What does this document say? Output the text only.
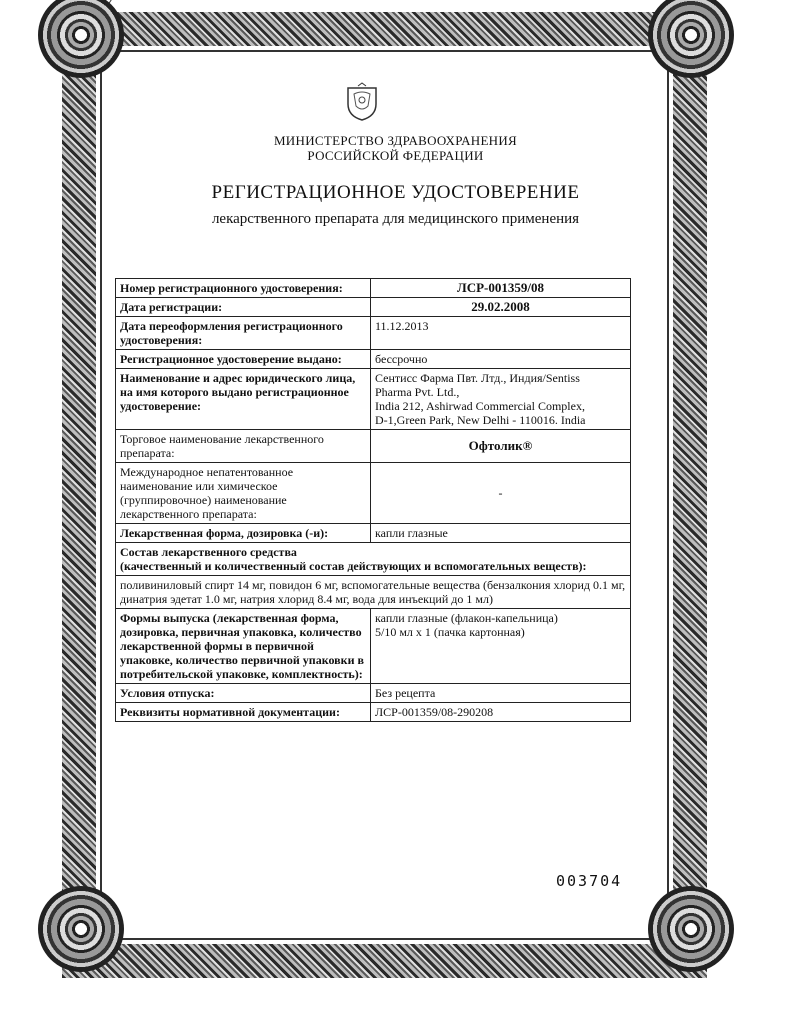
МИНИСТЕРСТВО ЗДРАВООХРАНЕНИЯ
РОССИЙСКОЙ ФЕДЕРАЦИИ
РЕГИСТРАЦИОННОЕ УДОСТОВЕРЕНИЕ
лекарственного препарата для медицинского применения
Номер регистрационного удостоверения:	ЛСР-001359/08
Дата регистрации:	29.02.2008
Дата переоформления регистрационного удостоверения:	11.12.2013
Регистрационное удостоверение выдано:	бессрочно
Наименование и адрес юридического лица, на имя которого выдано регистрационное удостоверение:	Сентисс Фарма Пвт. Лтд., Индия/Sentiss
Pharma Pvt. Ltd.,
India 212, Ashirwad Commercial Complex,
D-1,Green Park, New Delhi - 110016. India

Торговое наименование лекарственного препарата:	Офтолик®
Международное непатентованное наименование или химическое (группировочное) наименование лекарственного препарата:	-
Лекарственная форма, дозировка (-и):	капли глазные

Состав лекарственного средства
(качественный и количественный состав действующих и вспомогательных веществ):	

поливиниловый спирт 14 мг, повидон 6 мг, вспомогательные вещества (бензалкония хлорид 0.1 мг, динатрия эдетат 1.0 мг, натрия хлорид 8.4 мг, вода для инъекций до 1 мл)	
Формы выпуска (лекарственная форма, дозировка, первичная упаковка, количество лекарственной формы в первичной упаковке, количество первичной упаковки в потребительской упаковке, комплектность):	капли глазные (флакон-капельница)
5/10 мл х 1 (пачка картонная)

Условия отпуска:	Без рецепта
Реквизиты нормативной документации:	ЛСР-001359/08-290208
003704
